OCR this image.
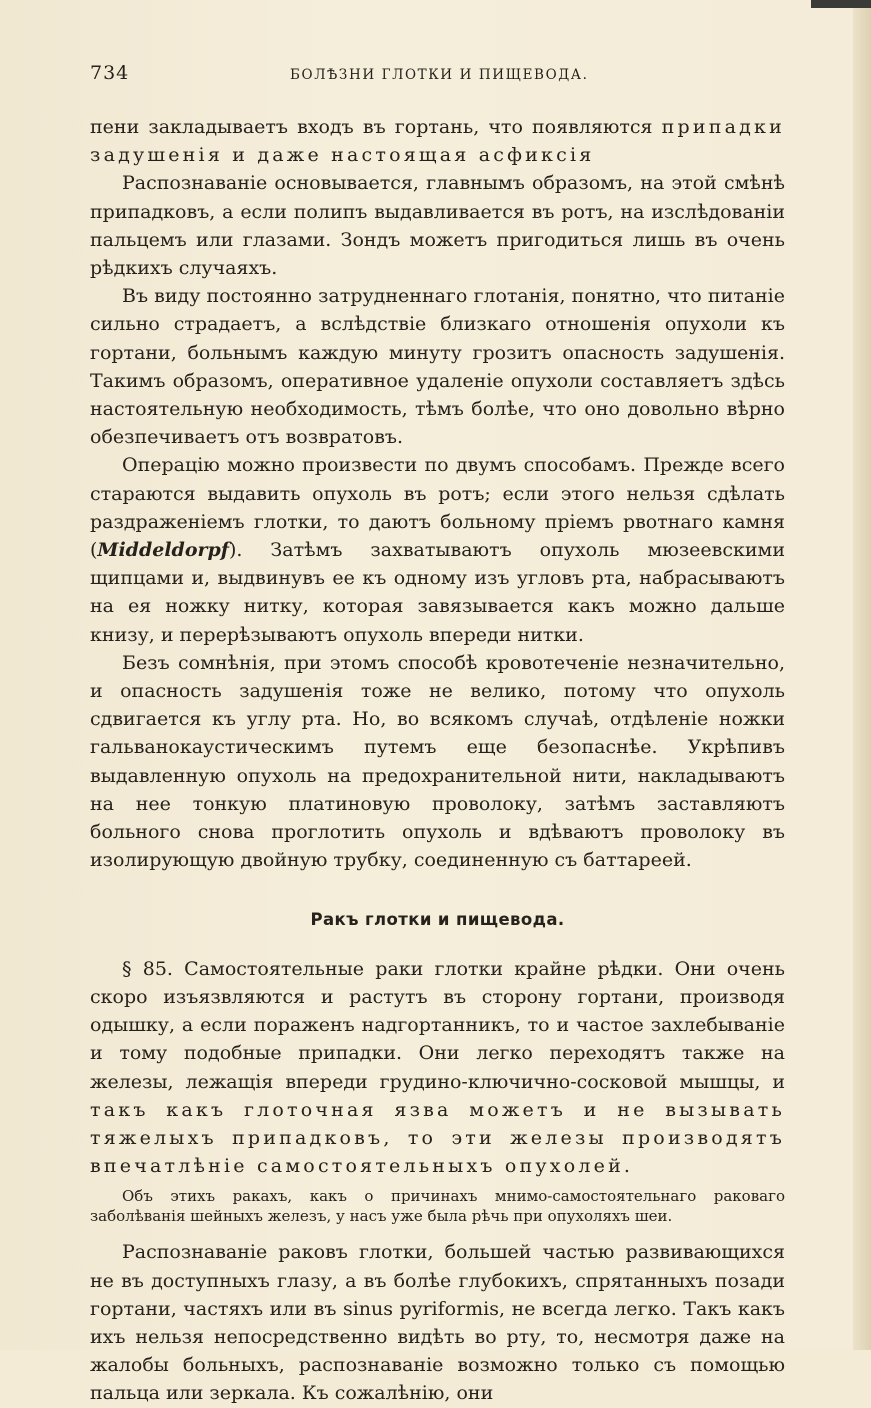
734	БОЛѢЗНИ ГЛОТКИ И ПИЩЕВОДА.

пени закладываетъ входъ въ гортань, что появляются припадки задушенія и даже настоящая асфиксія

Распознаваніе основывается, главнымъ образомъ, на этой смѣнѣ припадковъ, а если полипъ выдавливается въ ротъ, на изслѣдованіи пальцемъ или глазами. Зондъ можетъ пригодиться лишь въ очень рѣдкихъ случаяхъ.

Въ виду постоянно затрудненнаго глотанія, понятно, что питаніе сильно страдаетъ, а вслѣдствіе близкаго отношенія опухоли къ гортани, больнымъ каждую минуту грозитъ опасность задушенія. Такимъ образомъ, оперативное удаленіе опухоли составляетъ здѣсь настоятельную необходимость, тѣмъ болѣе, что оно довольно вѣрно обезпечиваетъ отъ возвратовъ.

Операцію можно произвести по двумъ способамъ. Прежде всего стараются выдавить опухоль въ ротъ; если этого нельзя сдѣлать раздраженіемъ глотки, то даютъ больному пріемъ рвотнаго камня (Middeldorpf). Затѣмъ захватываютъ опухоль мюзеевскими щипцами и, выдвинувъ ее къ одному изъ угловъ рта, набрасываютъ на ея ножку нитку, которая завязывается какъ можно дальше книзу, и перерѣзываютъ опухоль впереди нитки.

Безъ сомнѣнія, при этомъ способѣ кровотеченіе незначительно, и опасность задушенія тоже не велико, потому что опухоль сдвигается къ углу рта. Но, во всякомъ случаѣ, отдѣленіе ножки гальванокаустическимъ путемъ еще безопаснѣе. Укрѣпивъ выдавленную опухоль на предохранительной нити, накладываютъ на нее тонкую платиновую проволоку, затѣмъ заставляютъ больного снова проглотить опухоль и вдѣваютъ проволоку въ изолирующую двойную трубку, соединенную съ баттареей.

Ракъ глотки и пищевода.

§ 85. Самостоятельные раки глотки крайне рѣдки. Они очень скоро изъязвляются и растутъ въ сторону гортани, производя одышку, а если пораженъ надгортанникъ, то и частое захлебываніе и тому подобные припадки. Они легко переходятъ также на железы, лежащія впереди грудино-ключично-сосковой мышцы, и такъ какъ глоточная язва можетъ и не вызывать тяжелыхъ припадковъ, то эти железы производятъ впечатлѣніе самостоятельныхъ опухолей.

Объ этихъ ракахъ, какъ о причинахъ мнимо-самостоятельнаго раковаго заболѣванія шейныхъ железъ, у насъ уже была рѣчь при опухоляхъ шеи.

Распознаваніе раковъ глотки, большей частью развивающихся не въ доступныхъ глазу, а въ болѣе глубокихъ, спрятанныхъ позади гортани, частяхъ или въ sinus pyriformis, не всегда легко. Такъ какъ ихъ нельзя непосредственно видѣть во рту, то, несмотря даже на жалобы больныхъ, распознаваніе возможно только съ помощью пальца или зеркала. Къ сожалѣнію, они
